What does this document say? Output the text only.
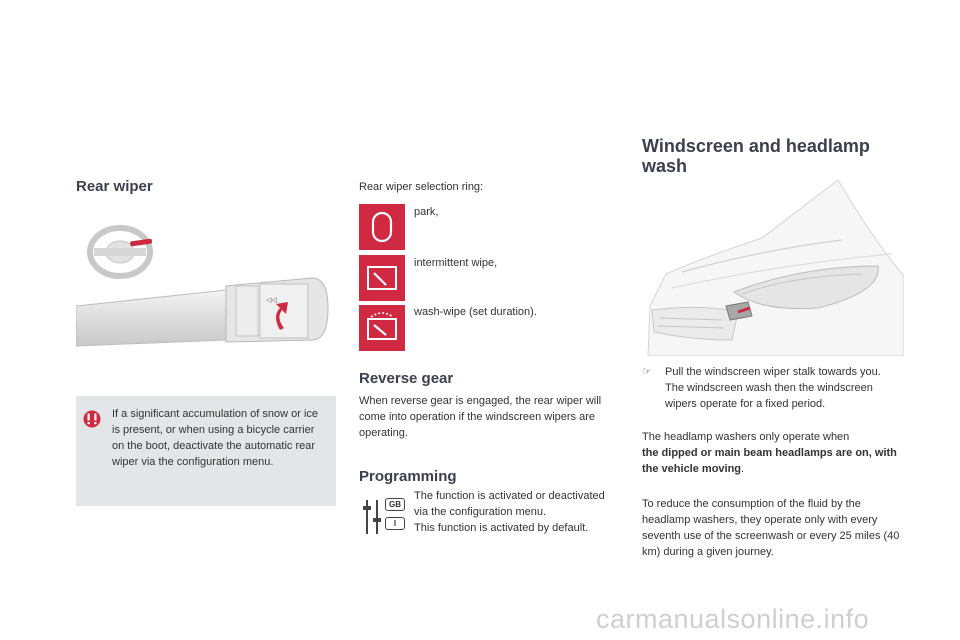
Rear wiper
◁◁
If a significant accumulation of snow or ice is present, or when using a bicycle carrier on the boot, deactivate the automatic rear wiper via the configuration menu.
Rear wiper selection ring:
park,
intermittent wipe,
wash-wipe (set duration).
Reverse gear
When reverse gear is engaged, the rear wiper will come into operation if the windscreen wipers are operating.
Programming
GB
I
The function is activated or deactivated via the configuration menu.
This function is activated by default.
Windscreen and headlamp
wash
☞ Pull the windscreen wiper stalk towards you. The windscreen wash then the windscreen wipers operate for a fixed period.
The headlamp washers only operate when
the dipped or main beam headlamps are on, with the vehicle moving.
To reduce the consumption of the fluid by the headlamp washers, they operate only with every seventh use of the screenwash or every 25 miles (40 km) during a given journey.
carmanualsonline.info
